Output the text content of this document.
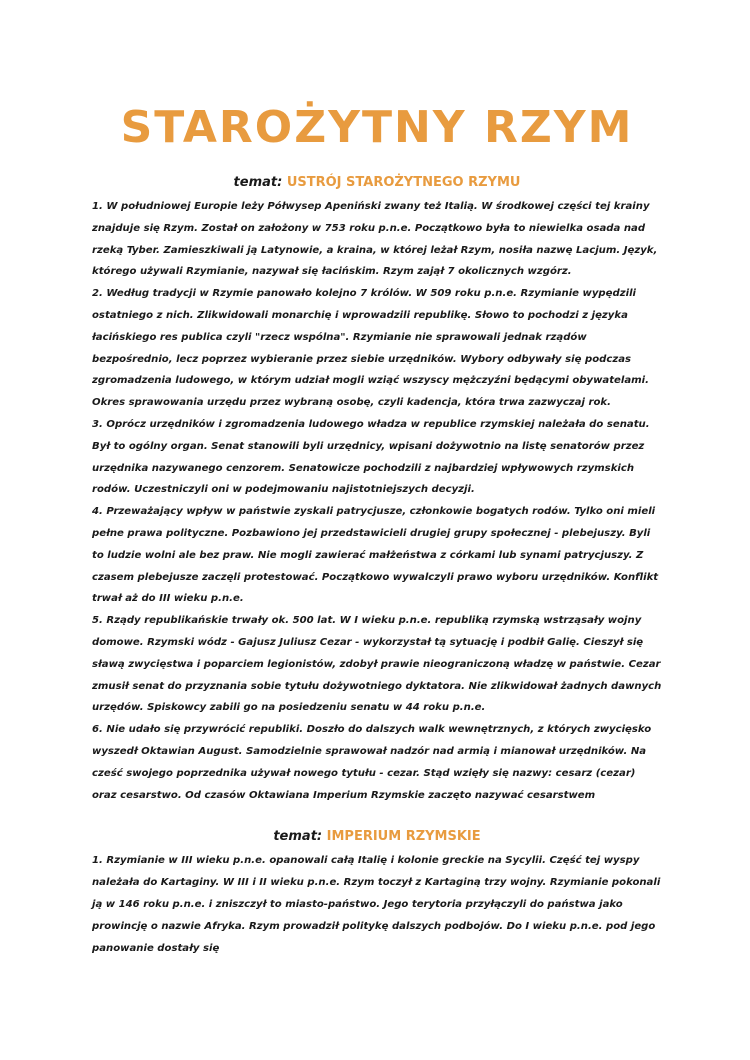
STAROŻYTNY RZYM
temat: USTRÓJ STAROŻYTNEGO RZYMU

1. W południowej Europie leży Półwysep Apeniński zwany też Italią. W środkowej części tej krainy znajduje się Rzym. Został on założony w 753 roku p.n.e. Początkowo była to niewielka osada nad rzeką Tyber. Zamieszkiwali ją Latynowie, a kraina, w której leżał Rzym, nosiła nazwę Lacjum. Język, którego używali Rzymianie, nazywał się łacińskim. Rzym zajął 7 okolicznych wzgórz.

2. Według tradycji w Rzymie panowało kolejno 7 królów. W 509 roku p.n.e. Rzymianie wypędzili ostatniego z nich. Zlikwidowali monarchię i wprowadzili republikę. Słowo to pochodzi z języka łacińskiego res publica czyli "rzecz wspólna". Rzymianie nie sprawowali jednak rządów bezpośrednio, lecz poprzez wybieranie przez siebie urzędników. Wybory odbywały się podczas zgromadzenia ludowego, w którym udział mogli wziąć wszyscy mężczyźni będącymi obywatelami. Okres sprawowania urzędu przez wybraną osobę, czyli kadencja, która trwa zazwyczaj rok.

3. Oprócz urzędników i zgromadzenia ludowego władza w republice rzymskiej należała do senatu. Był to ogólny organ. Senat stanowili byli urzędnicy, wpisani dożywotnio na listę senatorów przez urzędnika nazywanego cenzorem. Senatowicze pochodzili z najbardziej wpływowych rzymskich rodów. Uczestniczyli oni w podejmowaniu najistotniejszych decyzji.

4. Przeważający wpływ w państwie zyskali patrycjusze, członkowie bogatych rodów. Tylko oni mieli pełne prawa polityczne. Pozbawiono jej przedstawicieli drugiej grupy społecznej - plebejuszy. Byli to ludzie wolni ale bez praw. Nie mogli zawierać małżeństwa z córkami lub synami patrycjuszy. Z czasem plebejusze zaczęli protestować. Początkowo wywalczyli prawo wyboru urzędników. Konflikt trwał aż do III wieku p.n.e.

5. Rządy republikańskie trwały ok. 500 lat. W I wieku p.n.e. republiką rzymską wstrząsały wojny domowe. Rzymski wódz - Gajusz Juliusz Cezar - wykorzystał tą sytuację i podbił Galię. Cieszył się sławą zwycięstwa i poparciem legionistów, zdobył prawie nieograniczoną władzę w państwie. Cezar zmusił senat do przyznania sobie tytułu dożywotniego dyktatora. Nie zlikwidował żadnych dawnych urzędów. Spiskowcy zabili go na posiedzeniu senatu w 44 roku p.n.e.

6. Nie udało się przywrócić republiki. Doszło do dalszych walk wewnętrznych, z których zwycięsko wyszedł Oktawian August. Samodzielnie sprawował nadzór nad armią i mianował urzędników. Na cześć swojego poprzednika używał nowego tytułu - cezar. Stąd wzięły się nazwy: cesarz (cezar) oraz cesarstwo. Od czasów Oktawiana Imperium Rzymskie zaczęto nazywać cesarstwem

temat: IMPERIUM RZYMSKIE

1. Rzymianie w III wieku p.n.e. opanowali całą Italię i kolonie greckie na Sycylii. Część tej wyspy należała do Kartaginy. W III i II wieku p.n.e. Rzym toczył z Kartaginą trzy wojny. Rzymianie pokonali ją w 146 roku p.n.e. i zniszczył to miasto-państwo. Jego terytoria przyłączyli do państwa jako prowincję o nazwie Afryka. Rzym prowadził politykę dalszych podbojów. Do I wieku p.n.e. pod jego panowanie dostały się
